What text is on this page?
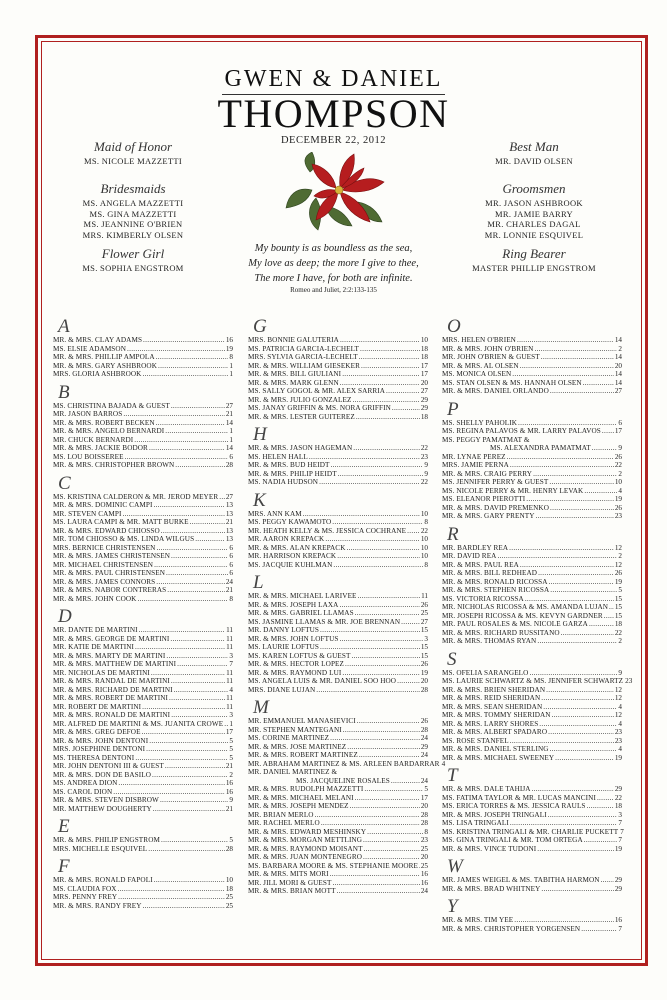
GWEN & DANIEL
THOMPSON
DECEMBER 22, 2012
Maid of Honor
MS. NICOLE MAZZETTI
Bridesmaids
MS. ANGELA MAZZETTI
MS. GINA MAZZETTI
MS. JEANNINE O'BRIEN
MRS. KIMBERLY OLSEN
Flower Girl
MS. SOPHIA ENGSTROM
Best Man
MR. DAVID OLSEN
Groomsmen
MR. JASON ASHBROOK
MR. JAMIE BARRY
MR. CHARLES DAGAL
MR. LONNIE ESQUIVEL
Ring Bearer
MASTER PHILLIP ENGSTROM
My bounty is as boundless as the sea,
My love as deep; the more I give to thee,
The more I have, for both are infinite.
Romeo and Juliet, 2:2:133-135
A
MR. & MRS. CLAY ADAMS .....	16
MS. ELSIE ADAMSON .....	19
MR. & MRS. PHILLIP AMPOLA .....	8
MR. & MRS. GARY ASHBROOK .....	1
MRS. GLORIA ASHBROOK .....	1
B
MS. CHRISTINA BAJADA & GUEST .....	27
MR. JASON BARROS .....	21
MR. & MRS. ROBERT BECKEN .....	14
MR. & MRS. ANGELO BERNARDI .....	1
MR. CHUCK BERNARDI .....	1
MR. & MRS. JACKIE BODOR .....	14
MS. LOU BOISSEREE .....	6
MR. & MRS. CHRISTOPHER BROWN .....	28
C
MS. KRISTINA CALDERON & MR. JEROD MEYER ..... 27
MR. & MRS. DOMINIC CAMPI .....	13
MR. STEVEN CAMPI .....	13
MS. LAURA CAMPI & MR. MATT BURKE .....	21
MR. & MRS. EDWARD CHIOSSO .....	13
MR. TOM CHIOSSO & MS. LINDA WILGUS .....	13
MRS. BERNICE CHRISTENSEN .....	6
MR. & MRS. JAMES CHRISTENSEN .....	6
MR. MICHAEL CHRISTENSEN .....	6
MR. & MRS. PAUL CHRISTENSEN .....	6
MR. & MRS. JAMES CONNORS .....	24
MR. & MRS. NABOR CONTRERAS .....	21
MR. & MRS. JOHN COOK .....	8
D
MR. DANTE DE MARTINI .....	11
MR. & MRS. GEORGE DE MARTINI .....	11
MR. KATIE DE MARTINI .....	11
MR. & MRS. MARTY DE MARTINI .....	3
MR. & MRS. MATTHEW DE MARTINI .....	7
MR. NICHOLAS DE MARTINI .....	11
MR. & MRS. RANDAL DE MARTINI .....	11
MR. & MRS. RICHARD DE MARTINI .....	4
MR. & MRS. ROBERT DE MARTINI .....	11
MR. ROBERT DE MARTINI .....	11
MR. & MRS. RONALD DE MARTINI .....	3
MR. ALFRED DE MARTINI & MS. JUANITA CROWE ..... 1
MR. & MRS. GREG DEFOE .....	17
MR. & MRS. JOHN DENTONI .....	5
MRS. JOSEPHINE DENTONI .....	5
MS. THERESA DENTONI .....	5
MR. JOHN DENTONI III & GUEST .....	21
MR. & MRS. DON DE BASILO .....	2
MS. ANDREA DION .....	16
MS. CAROL DION .....	16
MR. & MRS. STEVEN DISBROW .....	9
MR. MATTHEW DOUGHERTY .....	21
E
MR. & MRS. PHILIP ENGSTROM .....	5
MRS. MICHELLE ESQUIVEL .....	28
F
MR. & MRS. RONALD FAPOLI .....	10
MS. CLAUDIA FOX .....	18
MRS. PENNY FREY .....	25
MR. & MRS. RANDY FREY .....	25
G
MRS. BONNIE GALUTERIA .....	10
MS. PATRICIA GARCIA-LECHELT .....	18
MRS. SYLVIA GARCIA-LECHELT .....	18
MR. & MRS. WILLIAM GIESEKER .....	17
MR. & MRS. BILL GIULIANI .....	17
MR. & MRS. MARK GLENN .....	20
MS. SALLY GOGOL & MR. ALEX SARRIA .....	27
MR. & MRS. JULIO GONZALEZ .....	29
MS. JANAY GRIFFIN & MS. NORA GRIFFIN .....	29
MR. & MRS. LESTER GUITEREZ .....	18
H
MR. & MRS. JASON HAGEMAN .....	22
MS. HELEN HALL .....	23
MR. & MRS. BUD HEIDT .....	9
MR. & MRS. PHILIP HEIDT .....	9
MS. NADIA HUDSON .....	22
K
MRS. ANN KAM .....	10
MS. PEGGY KAWAMOTO .....	8
MR. HEATH KELLY & MS. JESSICA COCHRANE ..... 22
MR. AARON KREPACK .....	10
MR. & MRS. ALAN KREPACK .....	10
MR. HARRISON KREPACK .....	10
MS. JACQUIE KUHLMAN .....	8
L
MR. & MRS. MICHAEL LARIVEE .....	11
MR. & MRS. JOSEPH LAXA .....	26
MR. & MRS. GABRIEL LLAMAS .....	25
MS. JASMINE LLAMAS & MR. JOE BRENNAN .....	27
MR. DANNY LOFTUS .....	15
MR. & MRS. JOHN LOFTUS .....	3
MS. LAURIE LOFTUS .....	15
MS. KAREN LOFTUS & GUEST .....	15
MR. & MRS. HECTOR LOPEZ .....	26
MR. & MRS. RAYMOND LUI .....	19
MS. ANGELA LUIS & MR. DANIEL SOO HOO .....	20
MRS. DIANE LUJAN .....	28
M
MR. EMMANUEL MANASIEVICI .....	26
MR. STEPHEN MANTEGANI .....	28
MS. CORINE MARTINEZ .....	24
MR. & MRS. JOSE MARTINEZ .....	29
MR. & MRS. ROBERT MARTINEZ .....	24
MR. ABRAHAM MARTINEZ & MS. ARLEEN BARDARRAR 4
MR. DANIEL MARTINEZ &
MS. JACQUELINE ROSALES .....	24
MR. & MRS. RUDOLPH MAZZETTI .....	5
MR. & MRS. MICHAEL MELANI .....	17
MR. & MRS. JOSEPH MENDEZ .....	20
MR. BRIAN MERLO .....	28
MR. RACHEL MERLO .....	28
MR. & MRS. EDWARD MESHINSKY .....	8
MR. & MRS. MORGAN METTLING .....	23
MR. & MRS. RAYMOND MOISANT .....	25
MR. & MRS. JUAN MONTENEGRO .....	20
MS. BARBARA MOORE & MS. STEPHANIE MOORE ..... 25
MR. & MRS. MITS MORI .....	16
MR. JILL MORI & GUEST .....	16
MR. & MRS. BRIAN MOTT .....	24
O
MRS. HELEN O'BRIEN .....	14
MR. & MRS. JOHN O'BRIEN .....	2
MR. JOHN O'BRIEN & GUEST .....	14
MR. & MRS. AL OLSEN .....	20
MS. MONICA OLSEN .....	14
MS. STAN OLSEN & MS. HANNAH OLSEN .....	14
MR. & MRS. DANIEL ORLANDO .....	27
P
MS. SHELLY PAHOLIK .....	6
MS. REGINA PALAVOS & MR. LARRY PALAVOS ..... 17
MS. PEGGY PAMATMAT &
MS. ALEXANDRA PAMATMAT .....	9
MR. LYNAE PEREZ .....	26
MRS. JAMIE PERNA .....	22
MR. & MRS. CRAIG PERRY .....	2
MS. JENNIFER PERRY & GUEST .....	10
MS. NICOLE PERRY & MR. HENRY LEVAK .....	4
MS. ELEANOR PIEROTTI .....	19
MR. & MRS. DAVID PREMENKO .....	26
MR. & MRS. GARY PRENTY .....	23
R
MR. BARDLEY REA .....	12
MR. DAVID REA .....	2
MR. & MRS. PAUL REA .....	12
MR. & MRS. BILL REDHEAD .....	26
MR. & MRS. RONALD RICOSSA .....	19
MR. & MRS. STEPHEN RICOSSA .....	5
MS. VICTORIA RICOSSA .....	15
MR. NICHOLAS RICOSSA & MS. AMANDA LUJAN ..... 15
MR. JOSEPH RICOSSA & MS. KEVYN GARDNER ..... 15
MR. PAUL ROSALES & MS. NICOLE GARZA .....	18
MR. & MRS. RICHARD RUSSITANO .....	22
MR. & MRS. THOMAS RYAN .....	2
S
MS. OFELIA SARANGELO .....	9
MS. LAURIE SCHWARTZ & MS. JENNIFER SCHWARTZ 23
MR. & MRS. BRIEN SHERIDAN .....	12
MR. & MRS. REID SHERIDAN .....	12
MR. & MRS. SEAN SHERIDAN .....	4
MR. & MRS. TOMMY SHERIDAN .....	12
MR. & MRS. LARRY SHORES .....	4
MR. & MRS. ALBERT SPADARO .....	23
MS. ROSE STANFEL .....	23
MR. & MRS. DANIEL STERLING .....	4
MR. & MRS. MICHAEL SWEENEY .....	19
T
MR. & MRS. DALE TAHIJA .....	29
MS. FATIMA TAYLOR & MR. LUCAS MANCINI .....	22
MS. ERICA TORRES & MS. JESSICA RAULS .....	18
MR. & MRS. JOSEPH TRINGALI .....	3
MS. LISA TRINGALI .....	7
MS. KRISTINA TRINGALI & MR. CHARLIE PUCKETT 7
MS. GINA TRINGALI & MR. TOM ORTEGA .....	7
MR. & MRS. VINCE TUDONI .....	19
W
MR. JAMES WEIGEL & MS. TABITHA HARMON ..... 29
MR. & MRS. BRAD WHITNEY .....	29
Y
MR. & MRS. TIM YEE .....	16
MR. & MRS. CHRISTOPHER YORGENSEN .....	7
